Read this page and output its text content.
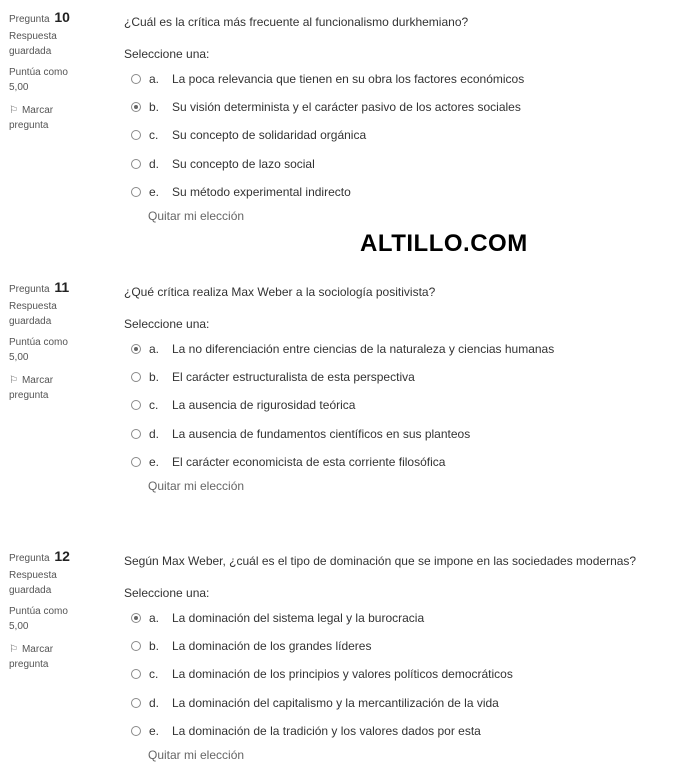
ALTILLO.COM
Pregunta 10
Respuesta guardada
Puntúa como 5,00
⚐ Marcar pregunta
¿Cuál es la crítica más frecuente al funcionalismo durkhemiano?
Seleccione una:
a.	La poca relevancia que tienen en su obra los factores económicos
b.	Su visión determinista y el carácter pasivo de los actores sociales
c.	Su concepto de solidaridad orgánica
d.	Su concepto de lazo social
e.	Su método experimental indirecto
Quitar mi elección
Pregunta 11
Respuesta guardada
Puntúa como 5,00
⚐ Marcar pregunta
¿Qué crítica realiza Max Weber a la sociología positivista?
Seleccione una:
a.	La no diferenciación entre ciencias de la naturaleza y ciencias humanas
b.	El carácter estructuralista de esta perspectiva
c.	La ausencia de rigurosidad teórica
d.	La ausencia de fundamentos científicos en sus planteos
e.	El carácter economicista de esta corriente filosófica
Quitar mi elección
Pregunta 12
Respuesta guardada
Puntúa como 5,00
⚐ Marcar pregunta
Según Max Weber, ¿cuál es el tipo de dominación que se impone en las sociedades modernas?
Seleccione una:
a.	La dominación del sistema legal y la burocracia
b.	La dominación de los grandes líderes
c.	La dominación de los principios y valores políticos democráticos
d.	La dominación del capitalismo y la mercantilización de la vida
e.	La dominación de la tradición y los valores dados por esta
Quitar mi elección
